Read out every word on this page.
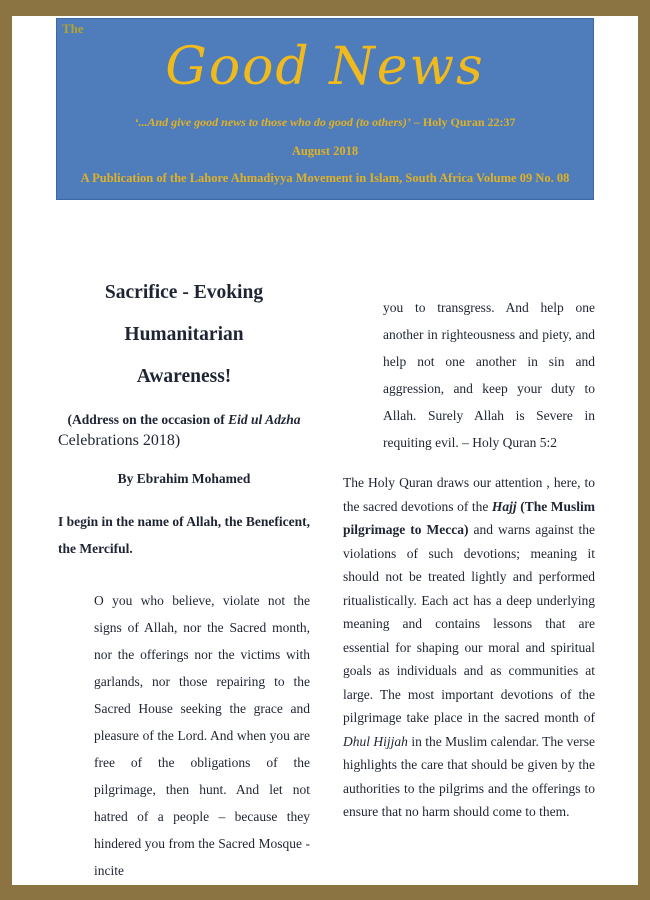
The
Good News
‘...And give good news to those who do good (to others)’ – Holy Quran 22:37
August 2018
A Publication of the Lahore Ahmadiyya Movement in Islam, South Africa Volume 09 No. 08
Sacrifice - Evoking
Humanitarian
Awareness!

(Address on the occasion of Eid ul Adzha

Celebrations 2018)

By Ebrahim Mohamed

I begin in the name of Allah, the Beneficent, the Merciful.

O you who believe, violate not the signs of Allah, nor the Sacred month, nor the offerings nor the victims with garlands, nor those repairing to the Sacred House seeking the grace and pleasure of the Lord. And when you are free of the obligations of the pilgrimage, then hunt. And let not hatred of a people – because they hindered you from the Sacred Mosque - incite

you to transgress. And help one another in righteousness and piety, and help not one another in sin and aggression, and keep your duty to Allah. Surely Allah is Severe in requiting evil. – Holy Quran 5:2

The Holy Quran draws our attention , here, to the sacred devotions of the Hajj (The Muslim pilgrimage to Mecca) and warns against the violations of such devotions; meaning it should not be treated lightly and performed ritualistically. Each act has a deep underlying meaning and contains lessons that are essential for shaping our moral and spiritual goals as individuals and as communities at large. The most important devotions of the pilgrimage take place in the sacred month of Dhul Hijjah in the Muslim calendar. The verse highlights the care that should be given by the authorities to the pilgrims and the offerings to ensure that no harm should come to them.
